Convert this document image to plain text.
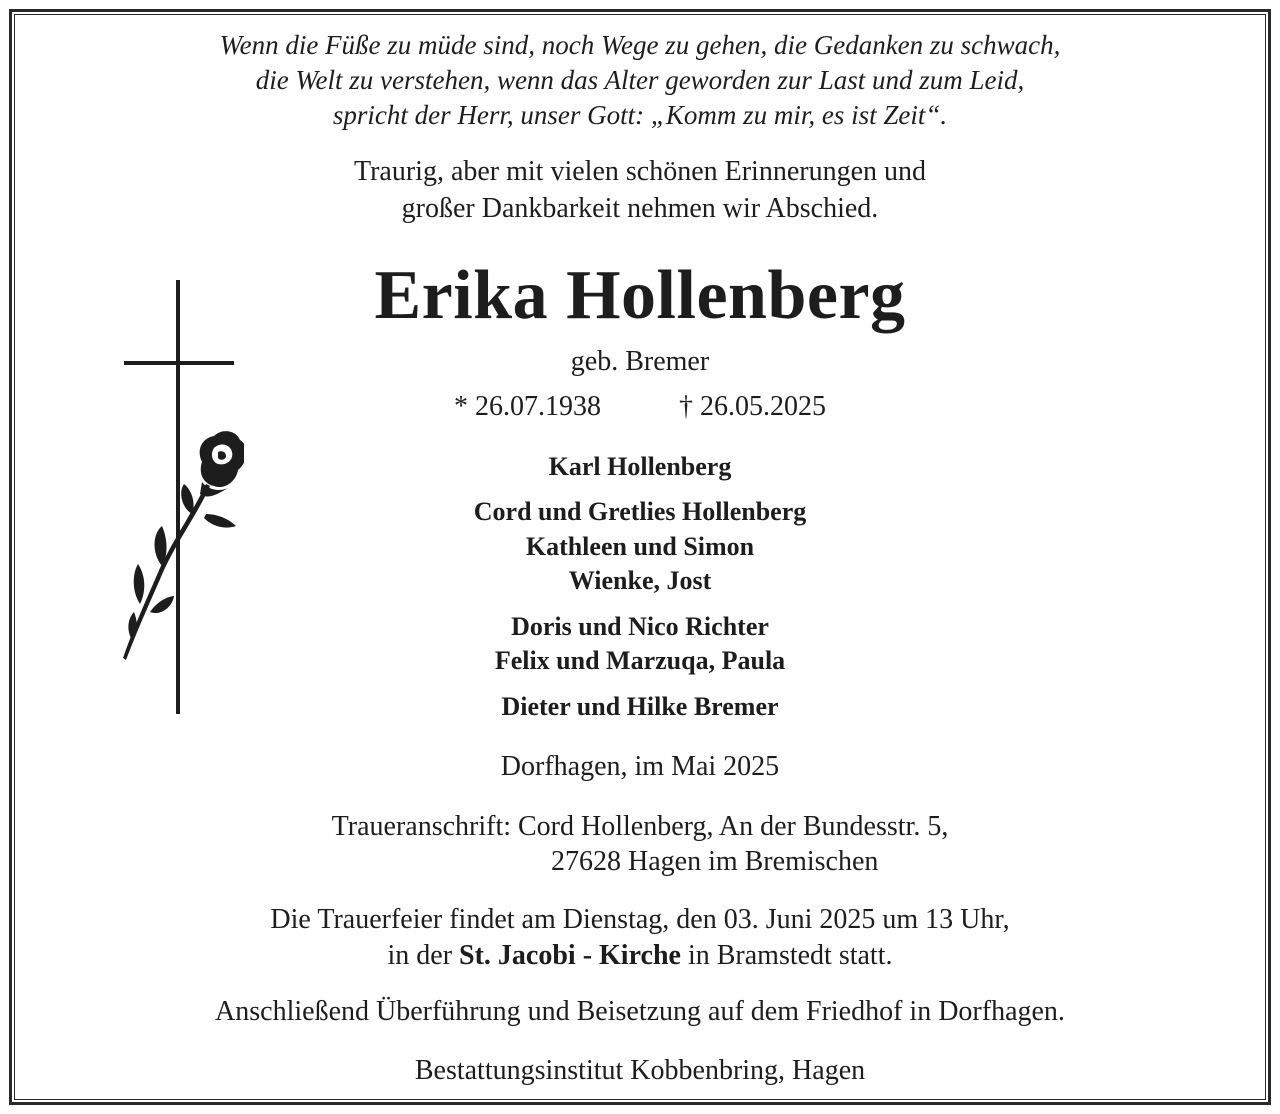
Wenn die Füße zu müde sind, noch Wege zu gehen, die Gedanken zu schwach,
die Welt zu verstehen, wenn das Alter geworden zur Last und zum Leid,
spricht der Herr, unser Gott: „Komm zu mir, es ist Zeit“.
Traurig, aber mit vielen schönen Erinnerungen und
großer Dankbarkeit nehmen wir Abschied.
Erika Hollenberg
geb. Bremer
* 26.07.1938	† 26.05.2025
Karl Hollenberg
Cord und Gretlies Hollenberg
Kathleen und Simon
Wienke, Jost
Doris und Nico Richter
Felix und Marzuqa, Paula
Dieter und Hilke Bremer
Dorfhagen, im Mai 2025
Traueranschrift: Cord Hollenberg, An der Bundesstr. 5,
27628 Hagen im Bremischen
Die Trauerfeier findet am Dienstag, den 03. Juni 2025 um 13 Uhr,
in der St. Jacobi - Kirche in Bramstedt statt.
Anschließend Überführung und Beisetzung auf dem Friedhof in Dorfhagen.
Bestattungsinstitut Kobbenbring, Hagen
